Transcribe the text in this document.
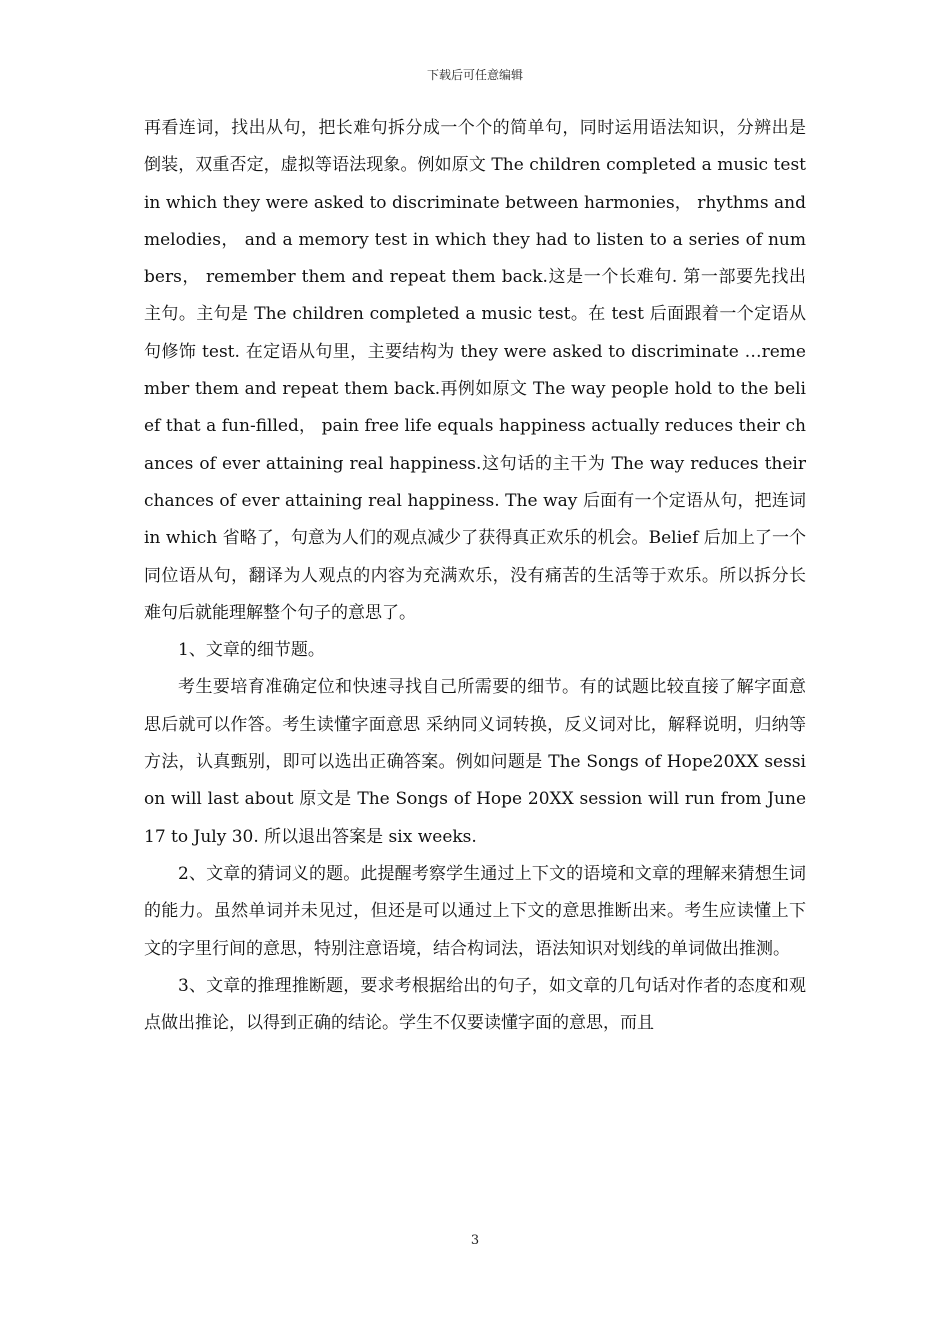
下载后可任意编辑

再看连词，找出从句，把长难句拆分成一个个的简单句，同时运用语法知识，分辨出是倒装，双重否定，虚拟等语法现象。例如原文 The children completed a music test in which they were asked to discriminate between harmonies， rhythms and melodies， and a memory test in which they had to listen to a series of numbers， remember them and repeat them back.这是一个长难句. 第一部要先找出主句。主句是 The children completed a music test。在 test 后面跟着一个定语从句修饰 test. 在定语从句里，主要结构为 they were asked to discriminate …remember them and repeat them back.再例如原文 The way people hold to the belief that a fun-filled， pain free life equals happiness actually reduces their chances of ever attaining real happiness.这句话的主干为 The way reduces their chances of ever attaining real happiness. The way 后面有一个定语从句，把连词 in which 省略了，句意为人们的观点减少了获得真正欢乐的机会。Belief 后加上了一个同位语从句，翻译为人观点的内容为充满欢乐，没有痛苦的生活等于欢乐。所以拆分长难句后就能理解整个句子的意思了。

1、文章的细节题。

考生要培育准确定位和快速寻找自己所需要的细节。有的试题比较直接了解字面意思后就可以作答。考生读懂字面意思 采纳同义词转换，反义词对比，解释说明，归纳等方法，认真甄别，即可以选出正确答案。例如问题是 The Songs of Hope20XX session will last about 原文是 The Songs of Hope 20XX session will run from June 17 to July 30. 所以退出答案是 six weeks.

2、文章的猜词义的题。此提醒考察学生通过上下文的语境和文章的理解来猜想生词的能力。虽然单词并未见过，但还是可以通过上下文的意思推断出来。考生应读懂上下文的字里行间的意思，特别注意语境，结合构词法，语法知识对划线的单词做出推测。

3、文章的推理推断题，要求考根据给出的句子，如文章的几句话对作者的态度和观点做出推论，以得到正确的结论。学生不仅要读懂字面的意思，而且

3
